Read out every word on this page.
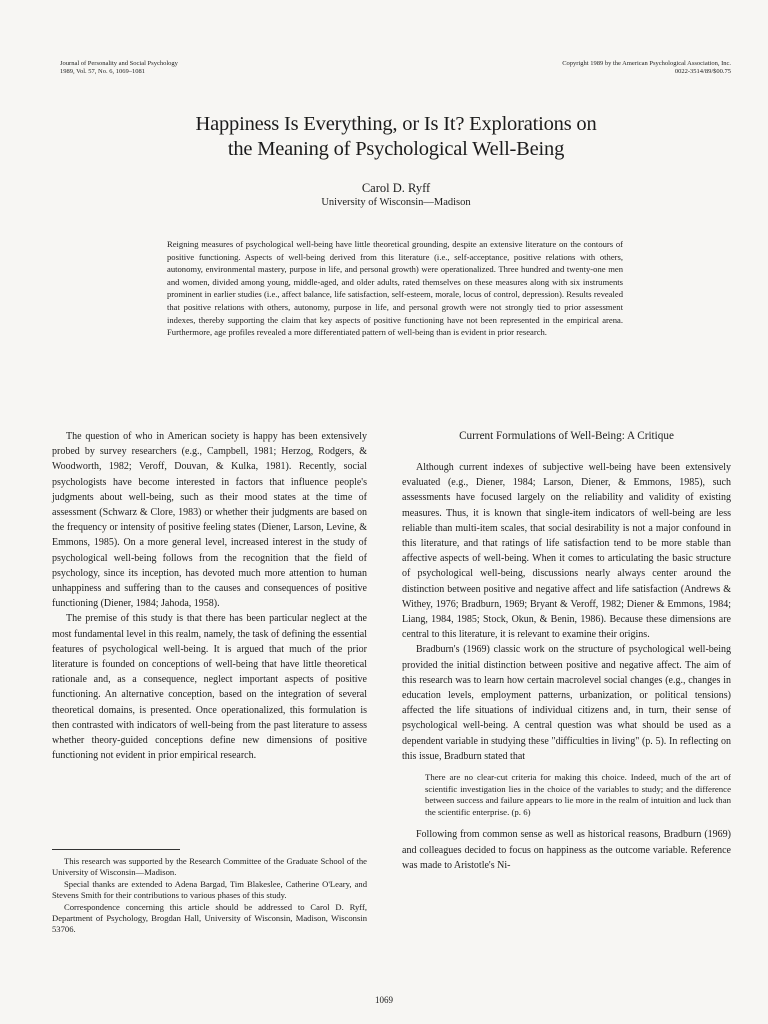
Journal of Personality and Social Psychology
1989, Vol. 57, No. 6, 1069–1081
Copyright 1989 by the American Psychological Association, Inc.
0022-3514/89/$00.75
Happiness Is Everything, or Is It? Explorations on
the Meaning of Psychological Well-Being
Carol D. Ryff
University of Wisconsin—Madison
Reigning measures of psychological well-being have little theoretical grounding, despite an extensive literature on the contours of positive functioning. Aspects of well-being derived from this literature (i.e., self-acceptance, positive relations with others, autonomy, environmental mastery, purpose in life, and personal growth) were operationalized. Three hundred and twenty-one men and women, divided among young, middle-aged, and older adults, rated themselves on these measures along with six instruments prominent in earlier studies (i.e., affect balance, life satisfaction, self-esteem, morale, locus of control, depression). Results revealed that positive relations with others, autonomy, purpose in life, and personal growth were not strongly tied to prior assessment indexes, thereby supporting the claim that key aspects of positive functioning have not been represented in the empirical arena. Furthermore, age profiles revealed a more differentiated pattern of well-being than is evident in prior research.

The question of who in American society is happy has been extensively probed by survey researchers (e.g., Campbell, 1981; Herzog, Rodgers, & Woodworth, 1982; Veroff, Douvan, & Kulka, 1981). Recently, social psychologists have become interested in factors that influence people's judgments about well-being, such as their mood states at the time of assessment (Schwarz & Clore, 1983) or whether their judgments are based on the frequency or intensity of positive feeling states (Diener, Larson, Levine, & Emmons, 1985). On a more general level, increased interest in the study of psychological well-being follows from the recognition that the field of psychology, since its inception, has devoted much more attention to human unhappiness and suffering than to the causes and consequences of positive functioning (Diener, 1984; Jahoda, 1958).

The premise of this study is that there has been particular neglect at the most fundamental level in this realm, namely, the task of defining the essential features of psychological well-being. It is argued that much of the prior literature is founded on conceptions of well-being that have little theoretical rationale and, as a consequence, neglect important aspects of positive functioning. An alternative conception, based on the integration of several theoretical domains, is presented. Once operationalized, this formulation is then contrasted with indicators of well-being from the past literature to assess whether theory-guided conceptions define new dimensions of positive functioning not evident in prior empirical research.

This research was supported by the Research Committee of the Graduate School of the University of Wisconsin—Madison.

Special thanks are extended to Adena Bargad, Tim Blakeslee, Catherine O'Leary, and Stevens Smith for their contributions to various phases of this study.

Correspondence concerning this article should be addressed to Carol D. Ryff, Department of Psychology, Brogdan Hall, University of Wisconsin, Madison, Wisconsin 53706.

Current Formulations of Well-Being: A Critique

Although current indexes of subjective well-being have been extensively evaluated (e.g., Diener, 1984; Larson, Diener, & Emmons, 1985), such assessments have focused largely on the reliability and validity of existing measures. Thus, it is known that single-item indicators of well-being are less reliable than multi-item scales, that social desirability is not a major confound in this literature, and that ratings of life satisfaction tend to be more stable than affective aspects of well-being. When it comes to articulating the basic structure of psychological well-being, discussions nearly always center around the distinction between positive and negative affect and life satisfaction (Andrews & Withey, 1976; Bradburn, 1969; Bryant & Veroff, 1982; Diener & Emmons, 1984; Liang, 1984, 1985; Stock, Okun, & Benin, 1986). Because these dimensions are central to this literature, it is relevant to examine their origins.

Bradburn's (1969) classic work on the structure of psychological well-being provided the initial distinction between positive and negative affect. The aim of this research was to learn how certain macrolevel social changes (e.g., changes in education levels, employment patterns, urbanization, or political tensions) affected the life situations of individual citizens and, in turn, their sense of psychological well-being. A central question was what should be used as a dependent variable in studying these "difficulties in living" (p. 5). In reflecting on this issue, Bradburn stated that

There are no clear-cut criteria for making this choice. Indeed, much of the art of scientific investigation lies in the choice of the variables to study; and the difference between success and failure appears to lie more in the realm of intuition and luck than the scientific enterprise. (p. 6)

Following from common sense as well as historical reasons, Bradburn (1969) and colleagues decided to focus on happiness as the outcome variable. Reference was made to Aristotle's Ni-

1069
